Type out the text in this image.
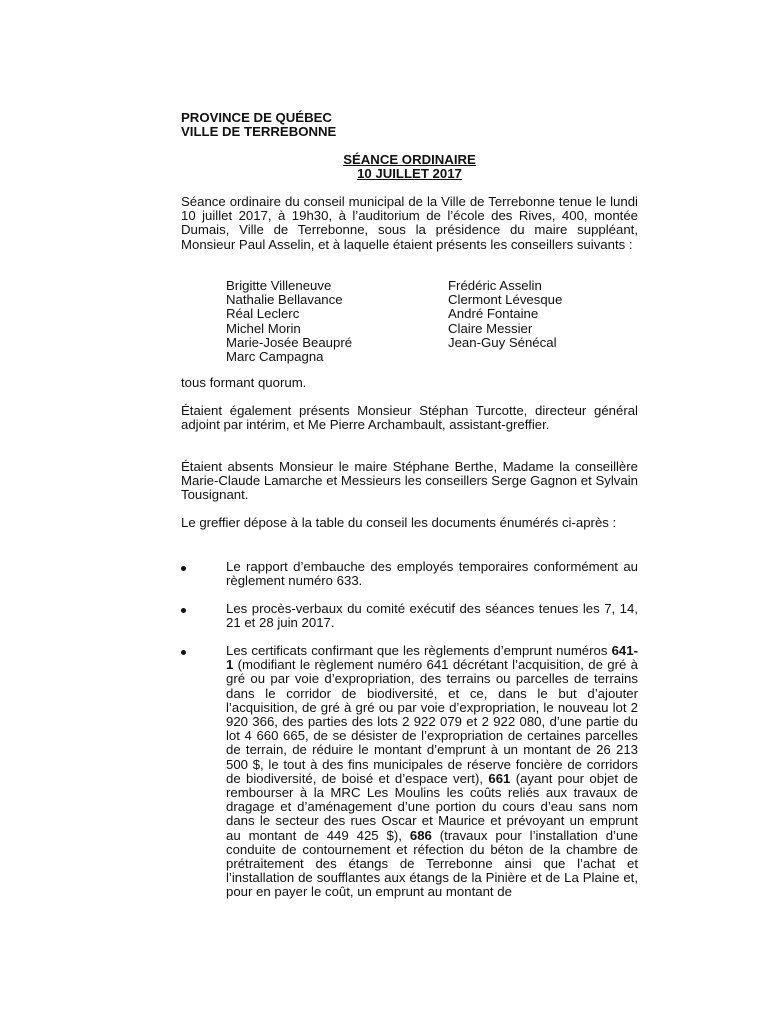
PROVINCE DE QUÉBEC
VILLE DE TERREBONNE
SÉANCE ORDINAIRE
10 JUILLET 2017
Séance ordinaire du conseil municipal de la Ville de Terrebonne tenue le lundi 10 juillet 2017, à 19h30, à l’auditorium de l’école des Rives, 400, montée Dumais, Ville de Terrebonne, sous la présidence du maire suppléant, Monsieur Paul Asselin, et à laquelle étaient présents les conseillers suivants :
Brigitte Villeneuve
Nathalie Bellavance
Réal Leclerc
Michel Morin
Marie-Josée Beaupré
Marc Campagna
Frédéric Asselin
Clermont Lévesque
André Fontaine
Claire Messier
Jean-Guy Sénécal
tous formant quorum.
Étaient également présents Monsieur Stéphan Turcotte, directeur général adjoint par intérim, et Me Pierre Archambault, assistant-greffier.
Étaient absents Monsieur le maire Stéphane Berthe, Madame la conseillère Marie-Claude Lamarche et Messieurs les conseillers Serge Gagnon et Sylvain Tousignant.
Le greffier dépose à la table du conseil les documents énumérés ci-après :
Le rapport d’embauche des employés temporaires conformément au règlement numéro 633.
Les procès-verbaux du comité exécutif des séances tenues les 7, 14, 21 et 28 juin 2017.
Les certificats confirmant que les règlements d’emprunt numéros 641-1 (modifiant le règlement numéro 641 décrétant l’acquisition, de gré à gré ou par voie d’expropriation, des terrains ou parcelles de terrains dans le corridor de biodiversité, et ce, dans le but d’ajouter l’acquisition, de gré à gré ou par voie d’expropriation, le nouveau lot 2 920 366, des parties des lots 2 922 079 et 2 922 080, d’une partie du lot 4 660 665, de se désister de l’expropriation de certaines parcelles de terrain, de réduire le montant d’emprunt à un montant de 26 213 500 $, le tout à des fins municipales de réserve foncière de corridors de biodiversité, de boisé et d’espace vert), 661 (ayant pour objet de rembourser à la MRC Les Moulins les coûts reliés aux travaux de dragage et d’aménagement d’une portion du cours d’eau sans nom dans le secteur des rues Oscar et Maurice et prévoyant un emprunt au montant de 449 425 $), 686 (travaux pour l’installation d’une conduite de contournement et réfection du béton de la chambre de prétraitement des étangs de Terrebonne ainsi que l’achat et l’installation de soufflantes aux étangs de la Pinière et de La Plaine et, pour en payer le coût, un emprunt au montant de
